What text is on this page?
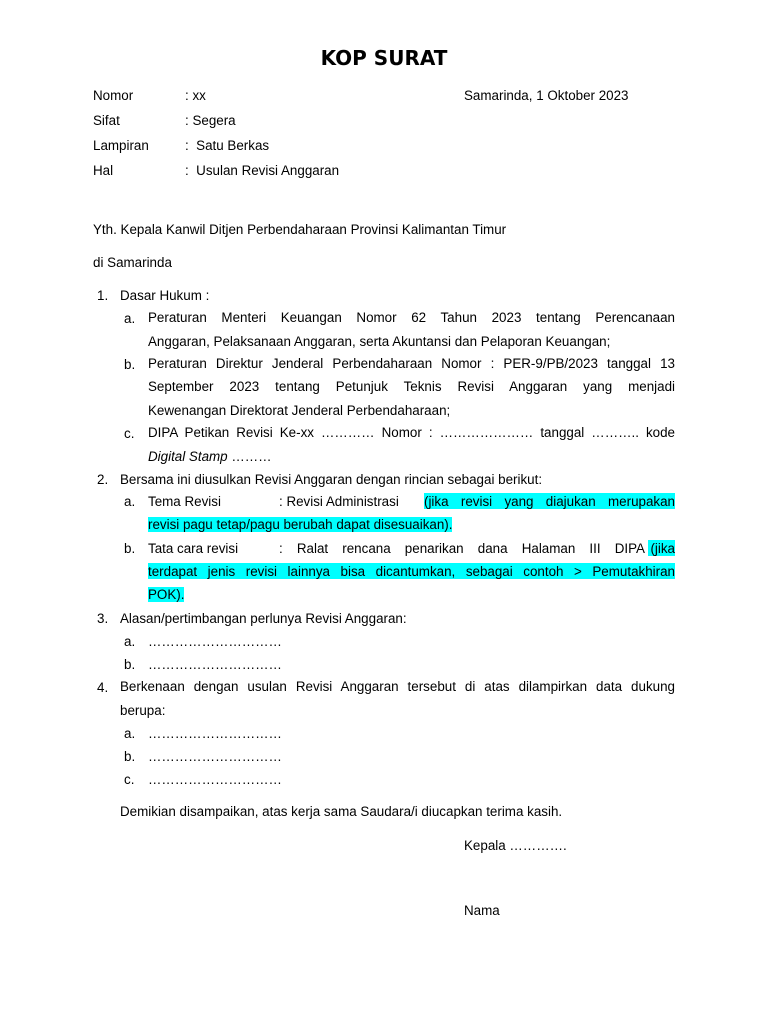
KOP SURAT
Nomor	: xx	Samarinda, 1 Oktober 2023
Sifat	: Segera
Lampiran	:  Satu Berkas
Hal	:  Usulan Revisi Anggaran
Yth. Kepala Kanwil Ditjen Perbendaharaan Provinsi Kalimantan Timur
di Samarinda
1. Dasar Hukum :
a. Peraturan Menteri Keuangan Nomor 62 Tahun 2023 tentang Perencanaan
Anggaran, Pelaksanaan Anggaran, serta Akuntansi dan Pelaporan Keuangan;
b. Peraturan Direktur Jenderal Perbendaharaan Nomor : PER-9/PB/2023 tanggal 13
September 2023 tentang Petunjuk Teknis Revisi Anggaran yang menjadi
Kewenangan Direktorat Jenderal Perbendaharaan;
c. DIPA Petikan Revisi Ke-xx ………… Nomor : ………………… tanggal ……….. kode
Digital Stamp ………
2. Bersama ini diusulkan Revisi Anggaran dengan rincian sebagai berikut:
a. Tema Revisi	: Revisi Administrasi (jika revisi yang diajukan merupakan
revisi pagu tetap/pagu berubah dapat disesuaikan).
b. Tata cara revisi	: Ralat rencana penarikan dana Halaman III DIPA (jika
terdapat jenis revisi lainnya bisa dicantumkan, sebagai contoh > Pemutakhiran
POK).
3. Alasan/pertimbangan perlunya Revisi Anggaran:
a. …………………………
b. …………………………
4. Berkenaan dengan usulan Revisi Anggaran tersebut di atas dilampirkan data dukung
berupa:
a. …………………………
b. …………………………
c. …………………………
Demikian disampaikan, atas kerja sama Saudara/i diucapkan terima kasih.
Kepala ………….
Nama
